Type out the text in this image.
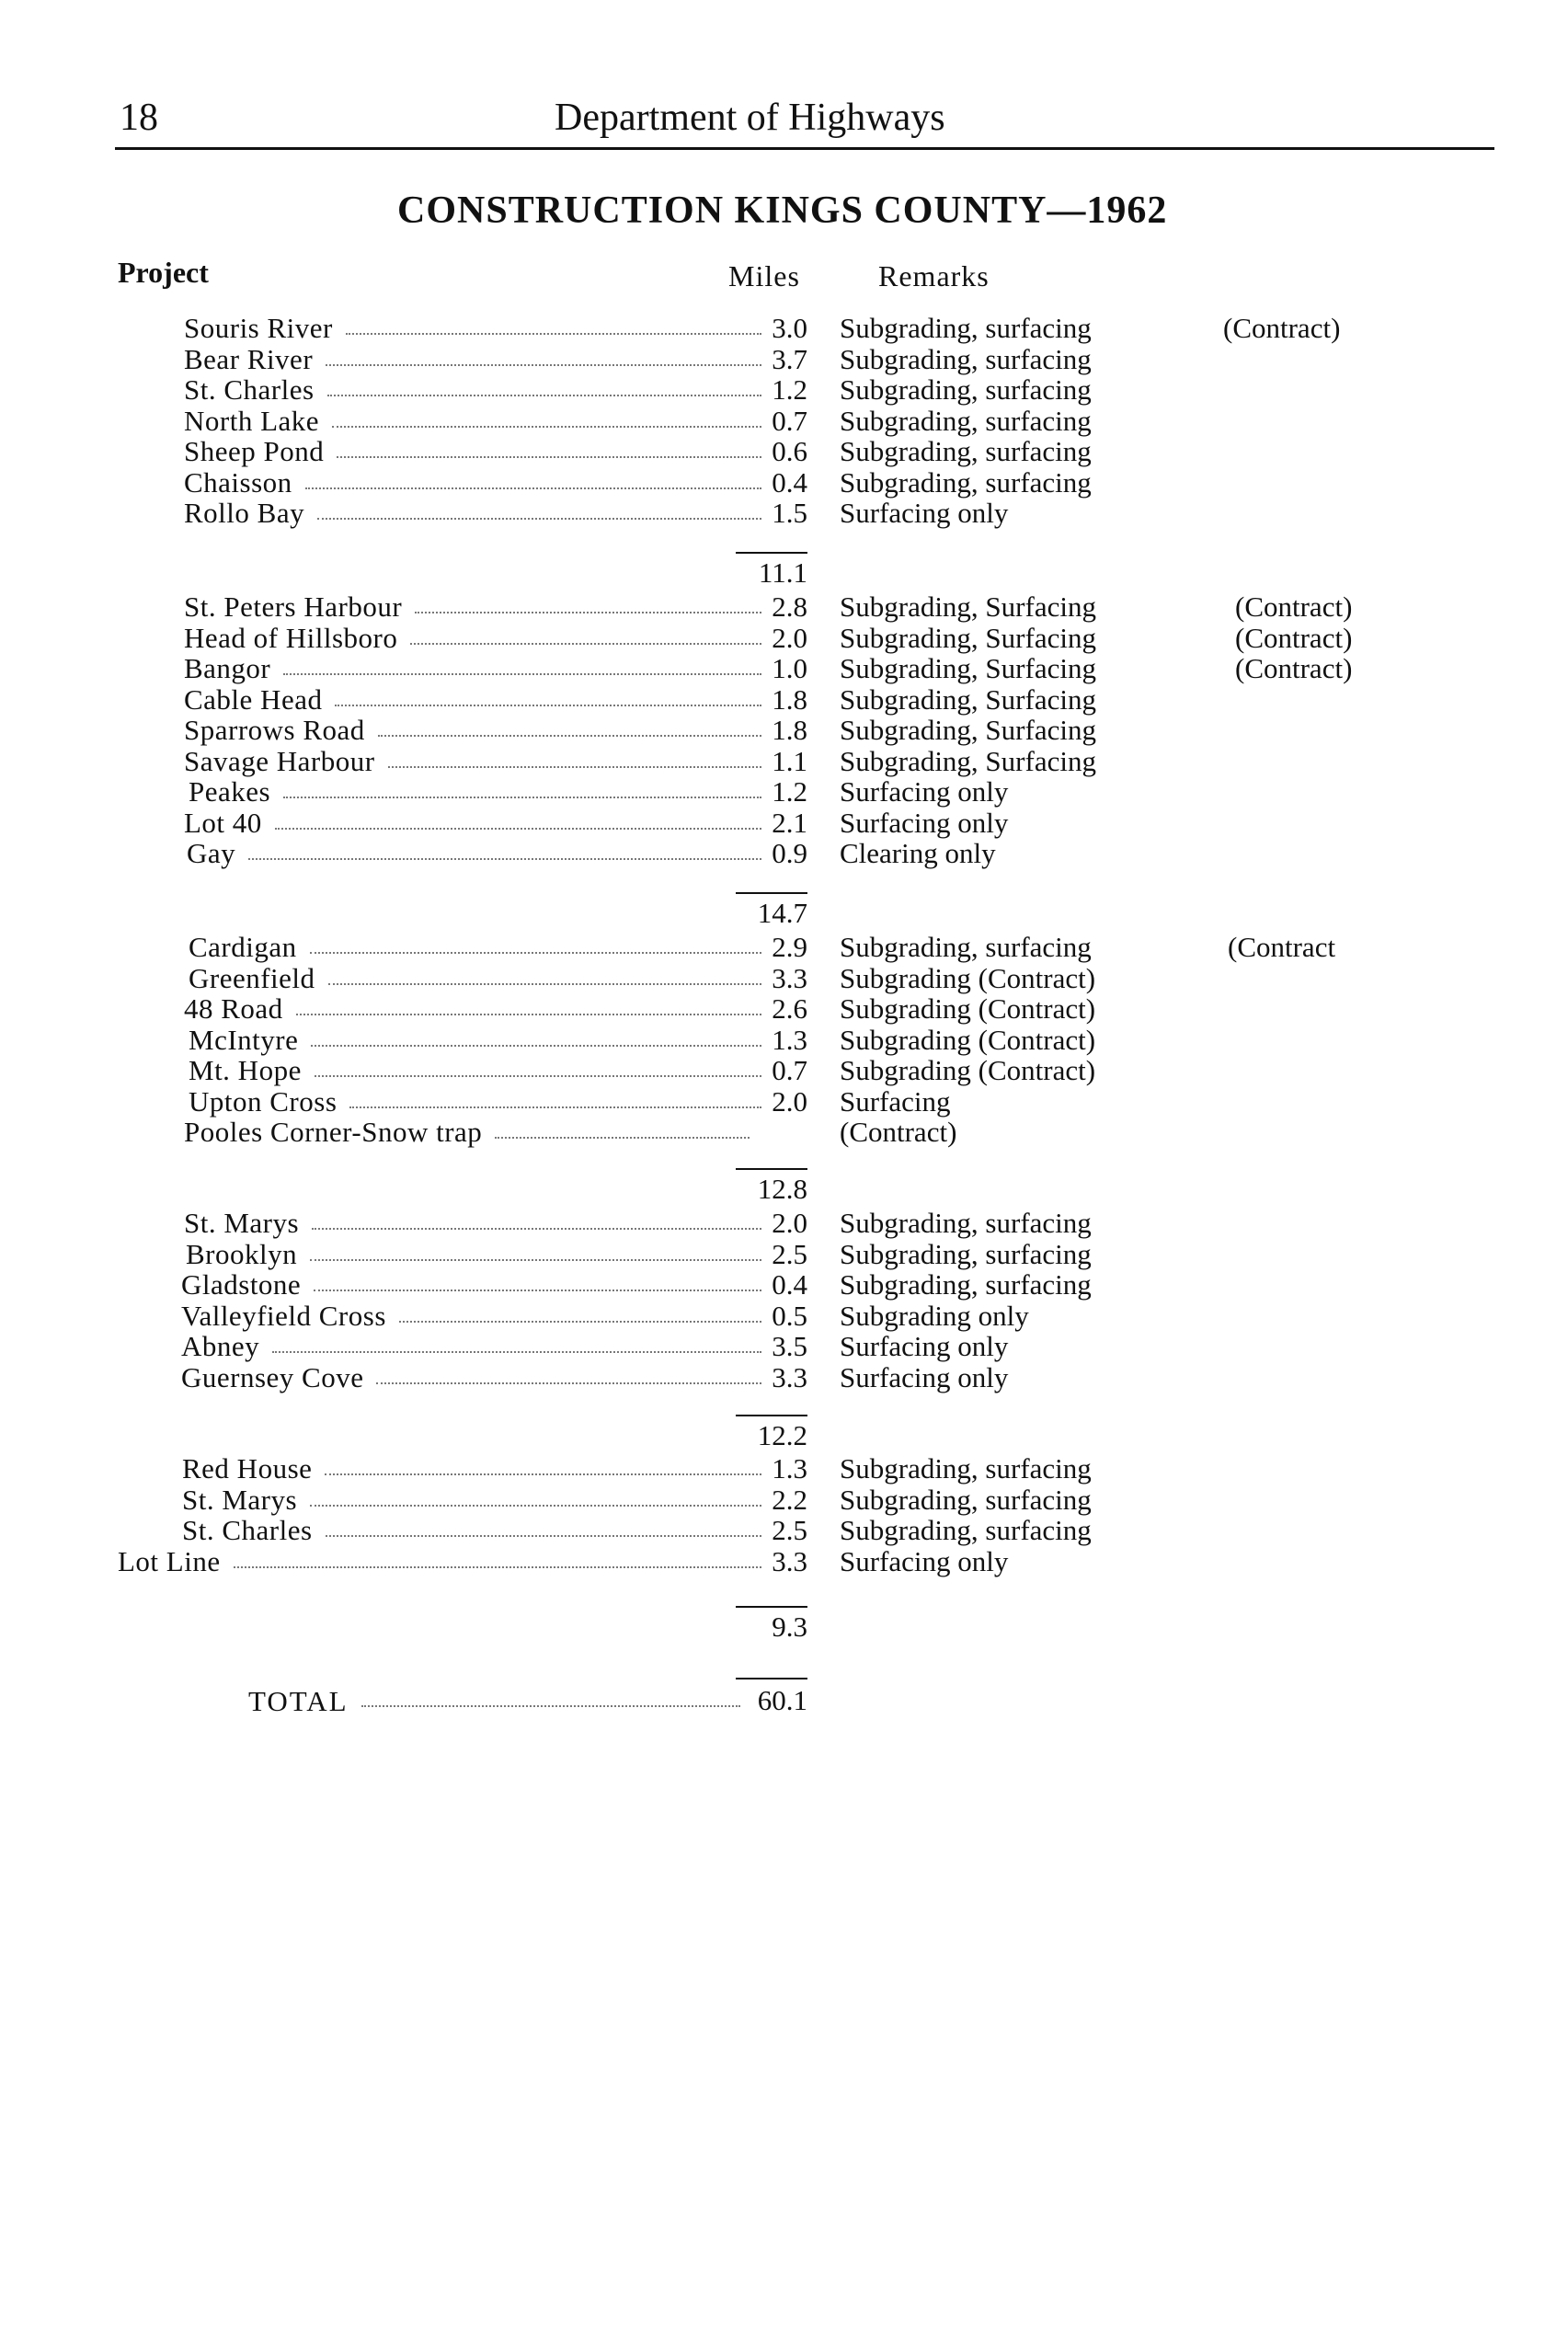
18	Department of Highways
CONSTRUCTION KINGS COUNTY—1962
Project	Miles	Remarks
Souris River	3.0 Subgrading, surfacing	(Contract)
Bear River	3.7 Subgrading, surfacing
St. Charles	1.2 Subgrading, surfacing
North Lake	0.7 Subgrading, surfacing
Sheep Pond	0.6 Subgrading, surfacing
Chaisson	0.4 Subgrading, surfacing
Rollo Bay	1.5 Surfacing only
11.1
St. Peters Harbour	2.8 Subgrading, Surfacing	(Contract)
Head of Hillsboro	2.0 Subgrading, Surfacing	(Contract)
Bangor	1.0 Subgrading, Surfacing	(Contract)
Cable Head	1.8 Subgrading, Surfacing
Sparrows Road	1.8 Subgrading, Surfacing
Savage Harbour	1.1 Subgrading, Surfacing
Peakes	1.2 Surfacing only
Lot 40	2.1 Surfacing only
Gay	0.9 Clearing only
14.7
Cardigan	2.9 Subgrading, surfacing	(Contract
Greenfield	3.3 Subgrading (Contract)
48 Road	2.6 Subgrading (Contract)
McIntyre	1.3 Subgrading (Contract)
Mt. Hope	0.7 Subgrading (Contract)
Upton Cross	2.0 Surfacing
Pooles Corner-Snow trap	(Contract)
12.8
St. Marys	2.0 Subgrading, surfacing
Brooklyn	2.5 Subgrading, surfacing
Gladstone	0.4 Subgrading, surfacing
Valleyfield Cross	0.5 Subgrading only
Abney	3.5 Surfacing only
Guernsey Cove	3.3 Surfacing only
12.2
Red House	1.3 Subgrading, surfacing
St. Marys	2.2 Subgrading, surfacing
St. Charles	2.5 Subgrading, surfacing
Lot Line	3.3 Surfacing only
9.3
TOTAL	60.1
